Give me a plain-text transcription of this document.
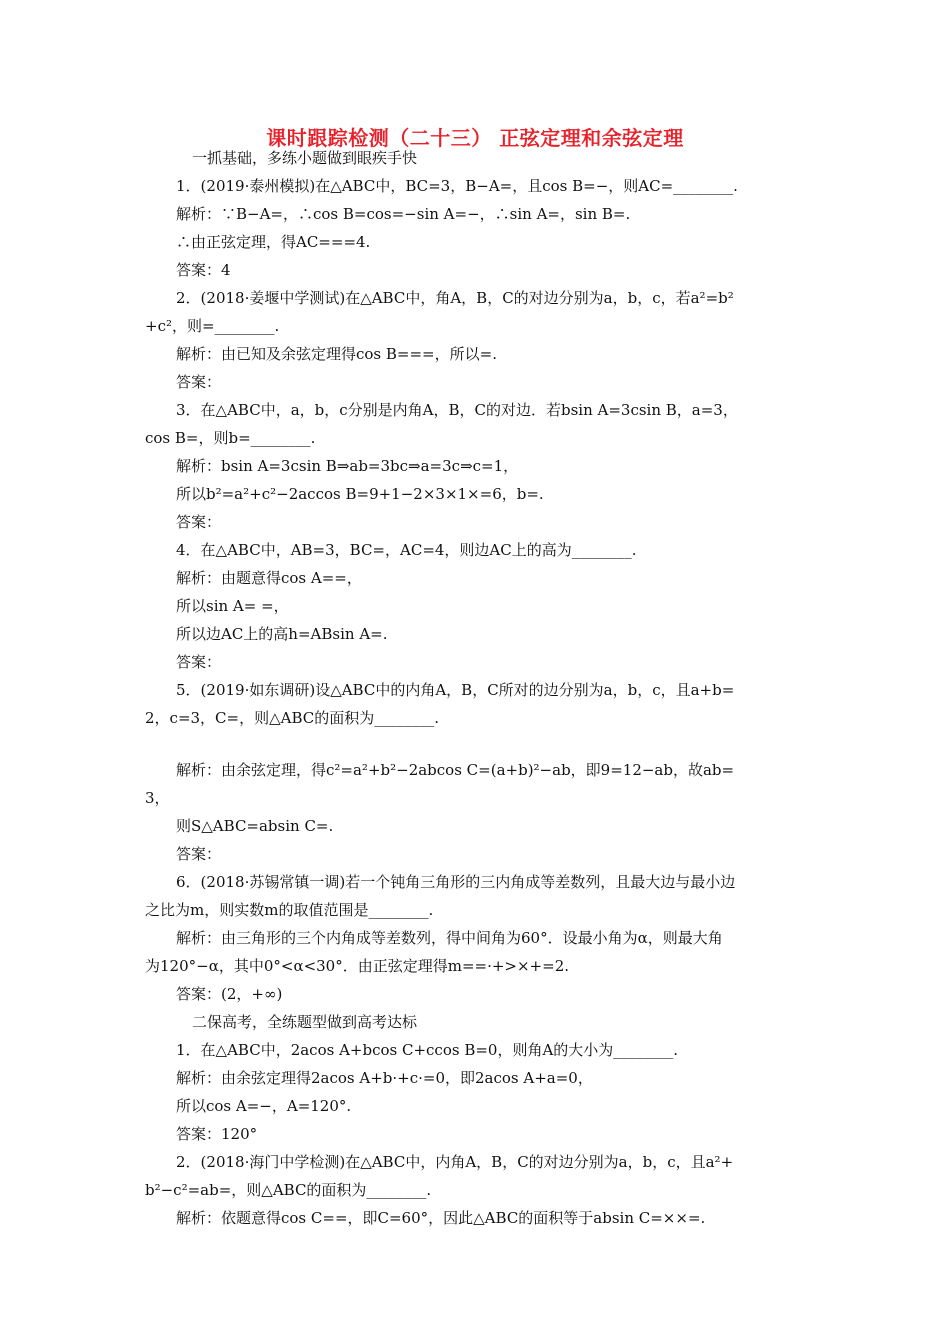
课时跟踪检测（二十三） 正弦定理和余弦定理
一抓基础，多练小题做到眼疾手快
1．(2019·泰州模拟)在△ABC中，BC=3，B−A=，且cos B=−，则AC=________.
解析：∵B−A=，∴cos B=cos=−sin A=−，∴sin A=，sin B=.
∴由正弦定理，得AC===4.
答案：4
2．(2018·姜堰中学测试)在△ABC中，角A，B，C的对边分别为a，b，c，若a²=b²
+c²，则=________.
解析：由已知及余弦定理得cos B===，所以=.
答案：
3．在△ABC中，a，b，c分别是内角A，B，C的对边．若bsin A=3csin B，a=3，
cos B=，则b=________.
解析：bsin A=3csin B⇒ab=3bc⇒a=3c⇒c=1，
所以b²=a²+c²−2accos B=9+1−2×3×1×=6，b=.
答案：
4．在△ABC中，AB=3，BC=，AC=4，则边AC上的高为________.
解析：由题意得cos A==，
所以sin A= =，
所以边AC上的高h=ABsin A=.
答案：
5．(2019·如东调研)设△ABC中的内角A，B，C所对的边分别为a，b，c，且a+b=
2，c=3，C=，则△ABC的面积为________.
解析：由余弦定理，得c²=a²+b²−2abcos C=(a+b)²−ab，即9=12−ab，故ab=
3，
则S△ABC=absin C=.
答案：
6．(2018·苏锡常镇一调)若一个钝角三角形的三内角成等差数列，且最大边与最小边
之比为m，则实数m的取值范围是________.
解析：由三角形的三个内角成等差数列，得中间角为60°．设最小角为α，则最大角
为120°−α，其中0°<α<30°．由正弦定理得m==·+>×+=2.
答案：(2，+∞)
二保高考，全练题型做到高考达标
1．在△ABC中，2acos A+bcos C+ccos B=0，则角A的大小为________.
解析：由余弦定理得2acos A+b·+c·=0，即2acos A+a=0，
所以cos A=−，A=120°.
答案：120°
2．(2018·海门中学检测)在△ABC中，内角A，B，C的对边分别为a，b，c，且a²+
b²−c²=ab=，则△ABC的面积为________.
解析：依题意得cos C==，即C=60°，因此△ABC的面积等于absin C=××=.
